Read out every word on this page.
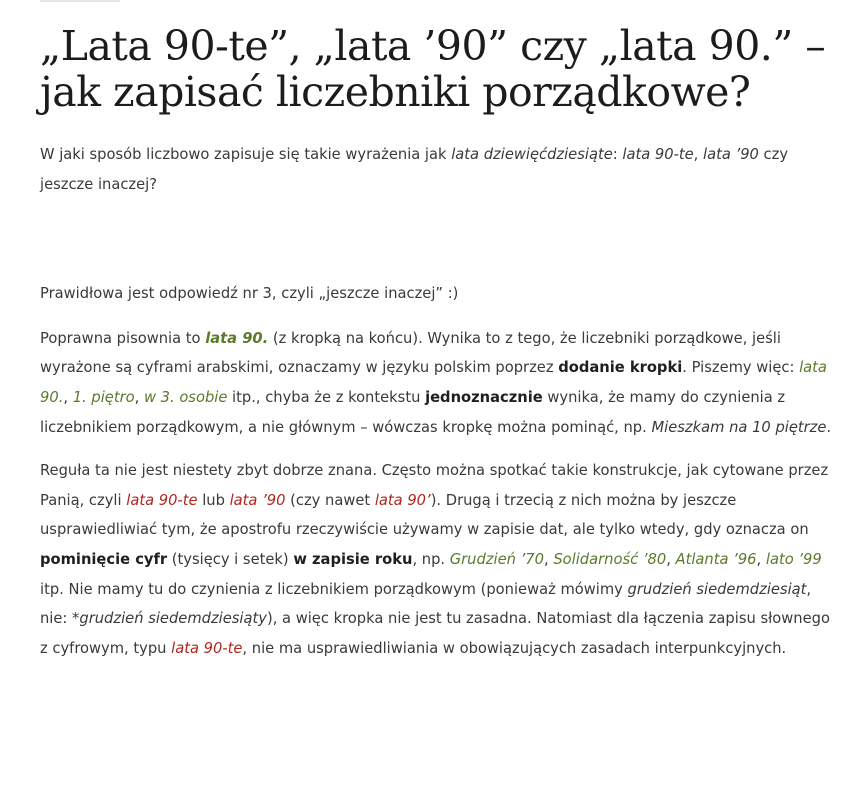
„Lata 90-te”, „lata ’90” czy „lata 90.” – jak zapisać liczebniki porządkowe?

W jaki sposób liczbowo zapisuje się takie wyrażenia jak lata dziewięćdziesiąte: lata 90-te, lata ’90 czy jeszcze inaczej?

Prawidłowa jest odpowiedź nr 3, czyli „jeszcze inaczej” :)

Poprawna pisownia to lata 90. (z kropką na końcu). Wynika to z tego, że liczebniki porządkowe, jeśli wyrażone są cyframi arabskimi, oznaczamy w języku polskim poprzez dodanie kropki. Piszemy więc: lata 90., 1. piętro, w 3. osobie itp., chyba że z kontekstu jednoznacznie wynika, że mamy do czynienia z liczebnikiem porządkowym, a nie głównym – wówczas kropkę można pominąć, np. Mieszkam na 10 piętrze.

Reguła ta nie jest niestety zbyt dobrze znana. Często można spotkać takie konstrukcje, jak cytowane przez Panią, czyli lata 90-te lub lata ’90 (czy nawet lata 90’). Drugą i trzecią z nich można by jeszcze usprawiedliwiać tym, że apostrofu rzeczywiście używamy w zapisie dat, ale tylko wtedy, gdy oznacza on pominięcie cyfr (tysięcy i setek) w zapisie roku, np. Grudzień ’70, Solidarność ’80, Atlanta ’96, lato ’99 itp. Nie mamy tu do czynienia z liczebnikiem porządkowym (ponieważ mówimy grudzień siedemdziesiąt, nie: *grudzień siedemdziesiąty), a więc kropka nie jest tu zasadna. Natomiast dla łączenia zapisu słownego z cyfrowym, typu lata 90-te, nie ma usprawiedliwiania w obowiązujących zasadach interpunkcyjnych.
